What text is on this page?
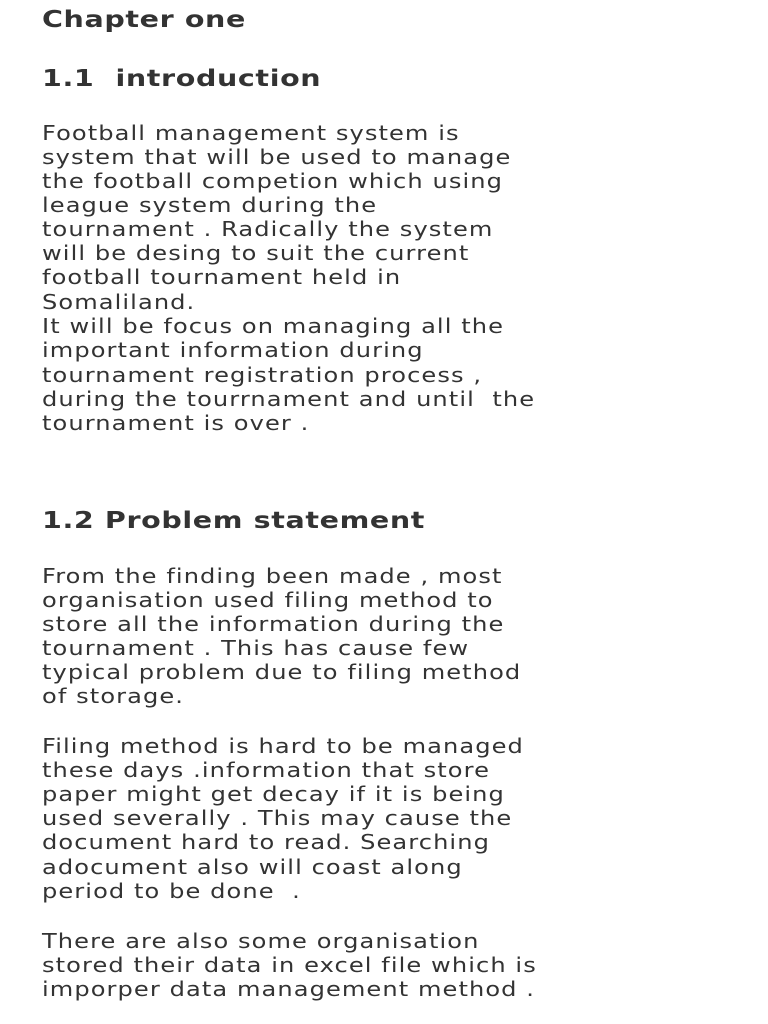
Chapter one
1.1  introduction

Football management system is

system that will be used to manage

the football competion which using

league system during the

tournament . Radically the system

will be desing to suit the current

football tournament held in

Somaliland.

It will be focus on managing all the

important information during

tournament registration process ,

during the tourrnament and until  the

tournament is over .

1.2 Problem statement

From the finding been made , most

organisation used filing method to

store all the information during the

tournament . This has cause few

typical problem due to filing method

of storage.

Filing method is hard to be managed

these days .information that store

paper might get decay if it is being

used severally . This may cause the

document hard to read. Searching

adocument also will coast along

period to be done  .

There are also some organisation

stored their data in excel file which is

imporper data management method .
